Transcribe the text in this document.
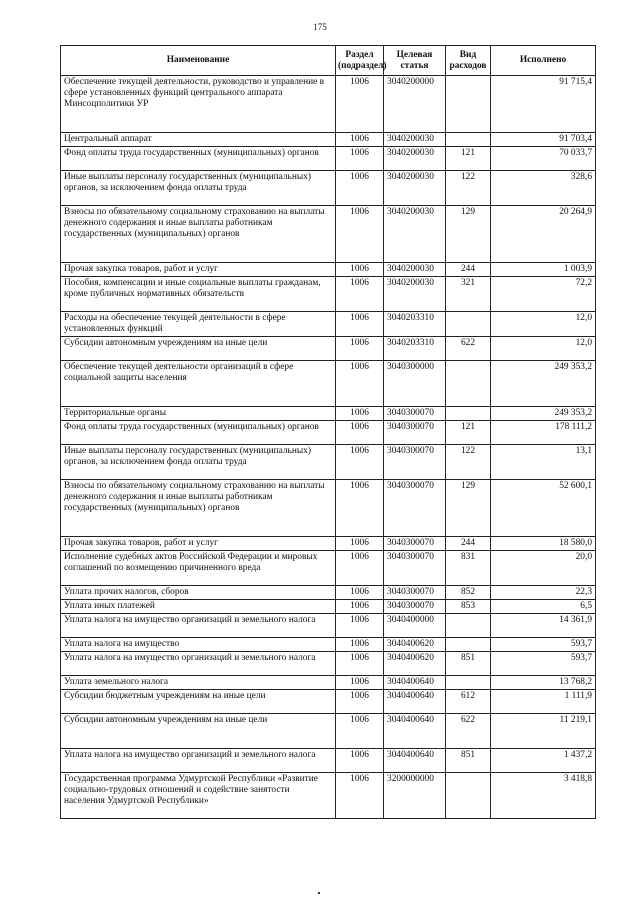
175
Наименование	Раздел (подраздел)	Целевая статья	Вид расходов	Исполнено
Обеспечение текущей деятельности, руководство и управление в сфере установленных функций центрального аппарата Минсоцполитики УР	1006	3040200000		91 715,4
Центральный аппарат	1006	3040200030		91 703,4
Фонд оплаты труда государственных (муниципальных) органов	1006	3040200030	121	70 033,7
Иные выплаты персоналу государственных (муниципальных) органов, за исключением фонда оплаты труда	1006	3040200030	122	328,6
Взносы по обязательному социальному страхованию на выплаты денежного содержания и иные выплаты работникам государственных (муниципальных) органов	1006	3040200030	129	20 264,9
Прочая закупка товаров, работ и услуг	1006	3040200030	244	1 003,9
Пособия, компенсации и иные социальные выплаты гражданам, кроме публичных нормативных обязательств	1006	3040200030	321	72,2
Расходы на обеспечение текущей деятельности в сфере установленных функций	1006	3040203310		12,0
Субсидии автономным учреждениям на иные цели	1006	3040203310	622	12,0
Обеспечение текущей деятельности организаций в сфере социальной защиты населения	1006	3040300000		249 353,2
Территориальные органы	1006	3040300070		249 353,2
Фонд оплаты труда государственных (муниципальных) органов	1006	3040300070	121	178 111,2
Иные выплаты персоналу государственных (муниципальных) органов, за исключением фонда оплаты труда	1006	3040300070	122	13,1
Взносы по обязательному социальному страхованию на выплаты денежного содержания и иные выплаты работникам государственных (муниципальных) органов	1006	3040300070	129	52 600,1
Прочая закупка товаров, работ и услуг	1006	3040300070	244	18 580,0
Исполнение судебных актов Российской Федерации и мировых соглашений по возмещению причиненного вреда	1006	3040300070	831	20,0
Уплата прочих налогов, сборов	1006	3040300070	852	22,3
Уплата иных платежей	1006	3040300070	853	6,5
Уплата налога на имущество организаций и земельного налога	1006	3040400000		14 361,9
Уплата налога на имущество	1006	3040400620		593,7
Уплата налога на имущество организаций и земельного налога	1006	3040400620	851	593,7
Уплата земельного налога	1006	3040400640		13 768,2
Субсидии бюджетным учреждениям на иные цели	1006	3040400640	612	1 111,9
Субсидии автономным учреждениям на иные цели	1006	3040400640	622	11 219,1
Уплата налога на имущество организаций и земельного налога	1006	3040400640	851	1 437,2
Государственная программа Удмуртской Республики «Развитие социально-трудовых отношений и содействие занятости населения Удмуртской Республики»	1006	3200000000		3 418,8
